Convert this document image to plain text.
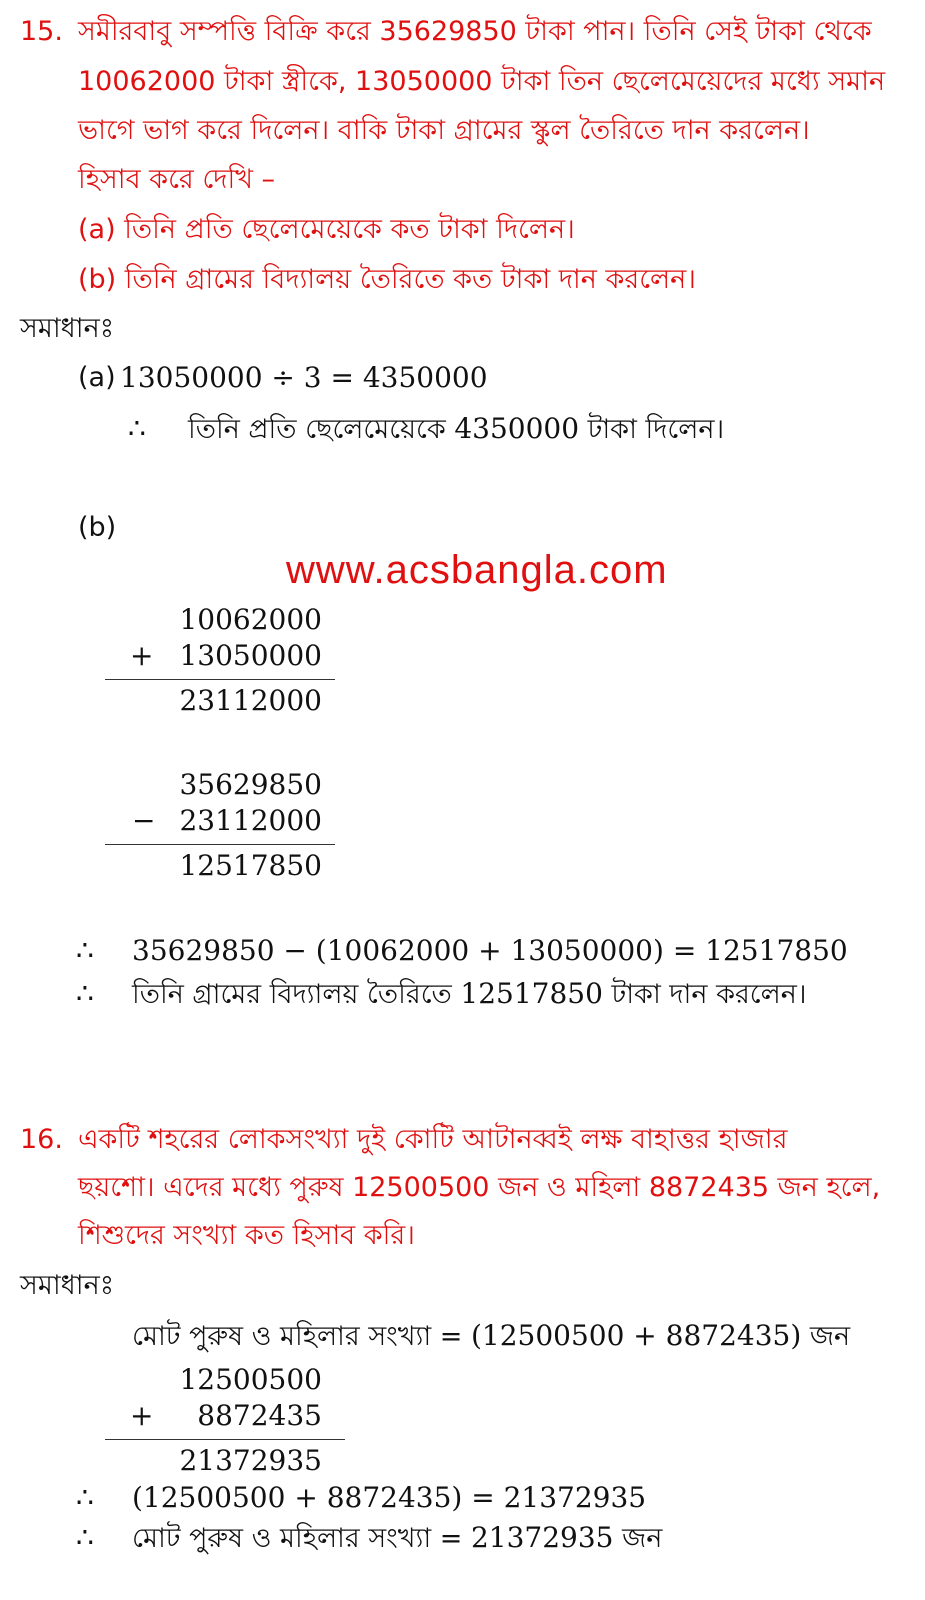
15. সমীরবাবু সম্পত্তি বিক্রি করে 35629850 টাকা পান। তিনি সেই টাকা থেকে
10062000 টাকা স্ত্রীকে, 13050000 টাকা তিন ছেলেমেয়েদের মধ্যে সমান
ভাগে ভাগ করে দিলেন। বাকি টাকা গ্রামের স্কুল তৈরিতে দান করলেন।
হিসাব করে দেখি –
(a) তিনি প্রতি ছেলেমেয়েকে কত টাকা দিলেন।
(b) তিনি গ্রামের বিদ্যালয় তৈরিতে কত টাকা দান করলেন।
সমাধানঃ
(a) 13050000 ÷ 3 = 4350000
∴ তিনি প্রতি ছেলেমেয়েকে 4350000 টাকা দিলেন।
(b)
www.acsbangla.com
10062000
+ 13050000
23112000
35629850
− 23112000
12517850
∴ 35629850 − (10062000 + 13050000) = 12517850
∴ তিনি গ্রামের বিদ্যালয় তৈরিতে 12517850 টাকা দান করলেন।
16. একটি শহরের লোকসংখ্যা দুই কোটি আটানব্বই লক্ষ বাহাত্তর হাজার
ছয়শো। এদের মধ্যে পুরুষ 12500500 জন ও মহিলা 8872435 জন হলে,
শিশুদের সংখ্যা কত হিসাব করি।
সমাধানঃ
মোট পুরুষ ও মহিলার সংখ্যা = (12500500 + 8872435) জন
12500500
+	8872435
21372935
∴ (12500500 + 8872435) = 21372935
∴ মোট পুরুষ ও মহিলার সংখ্যা = 21372935 জন
